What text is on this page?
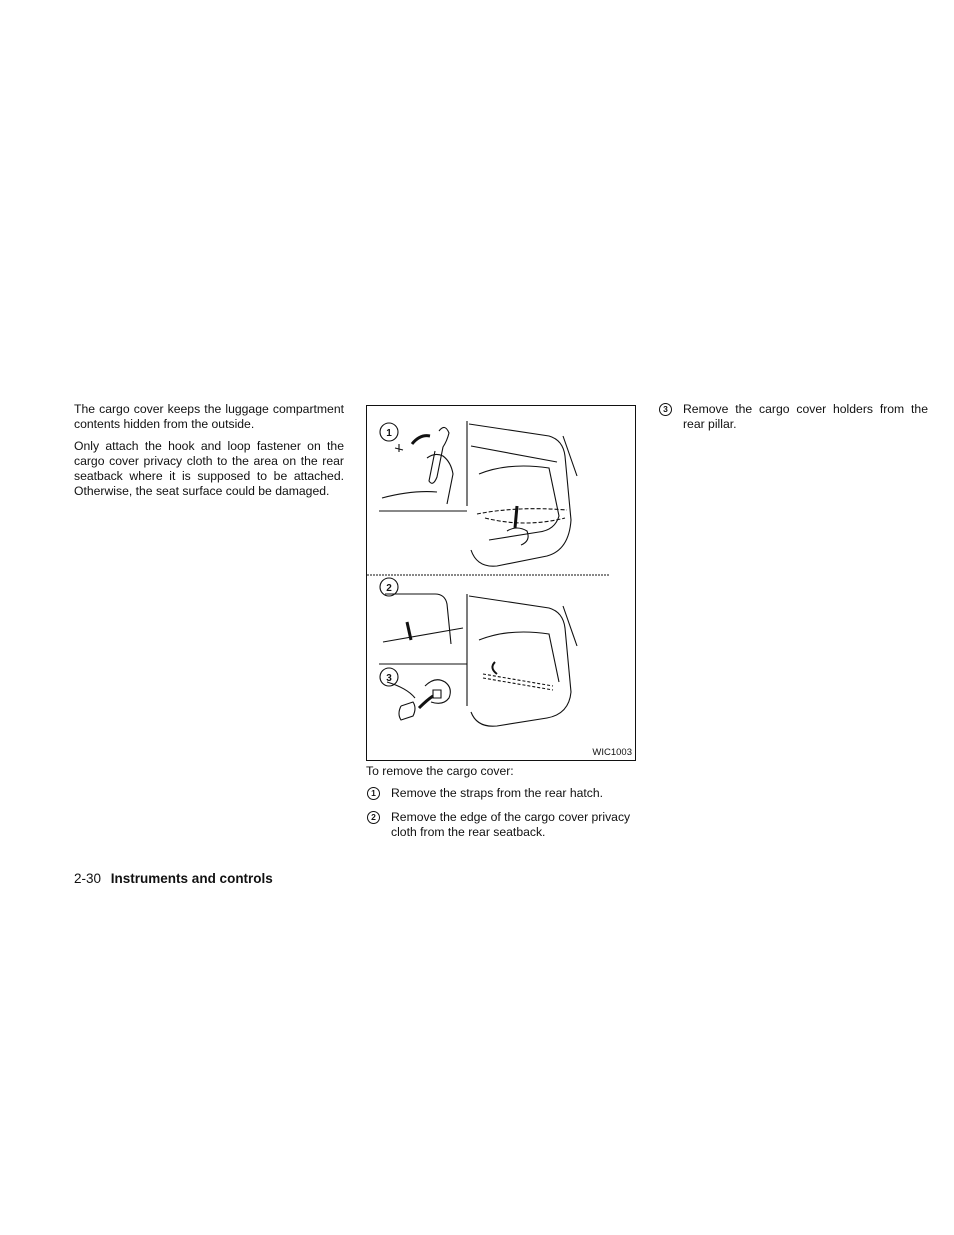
The cargo cover keeps the luggage compartment contents hidden from the outside.

Only attach the hook and loop fastener on the cargo cover privacy cloth to the area on the rear seatback where it is supposed to be attached. Otherwise, the seat surface could be damaged.

1
2
3
WIC1003

To remove the cargo cover:

1	Remove the straps from the rear hatch.
2	Remove the edge of the cargo cover privacy cloth from the rear seatback.
3	Remove the cargo cover holders from the rear pillar.
2-30 Instruments and controls
